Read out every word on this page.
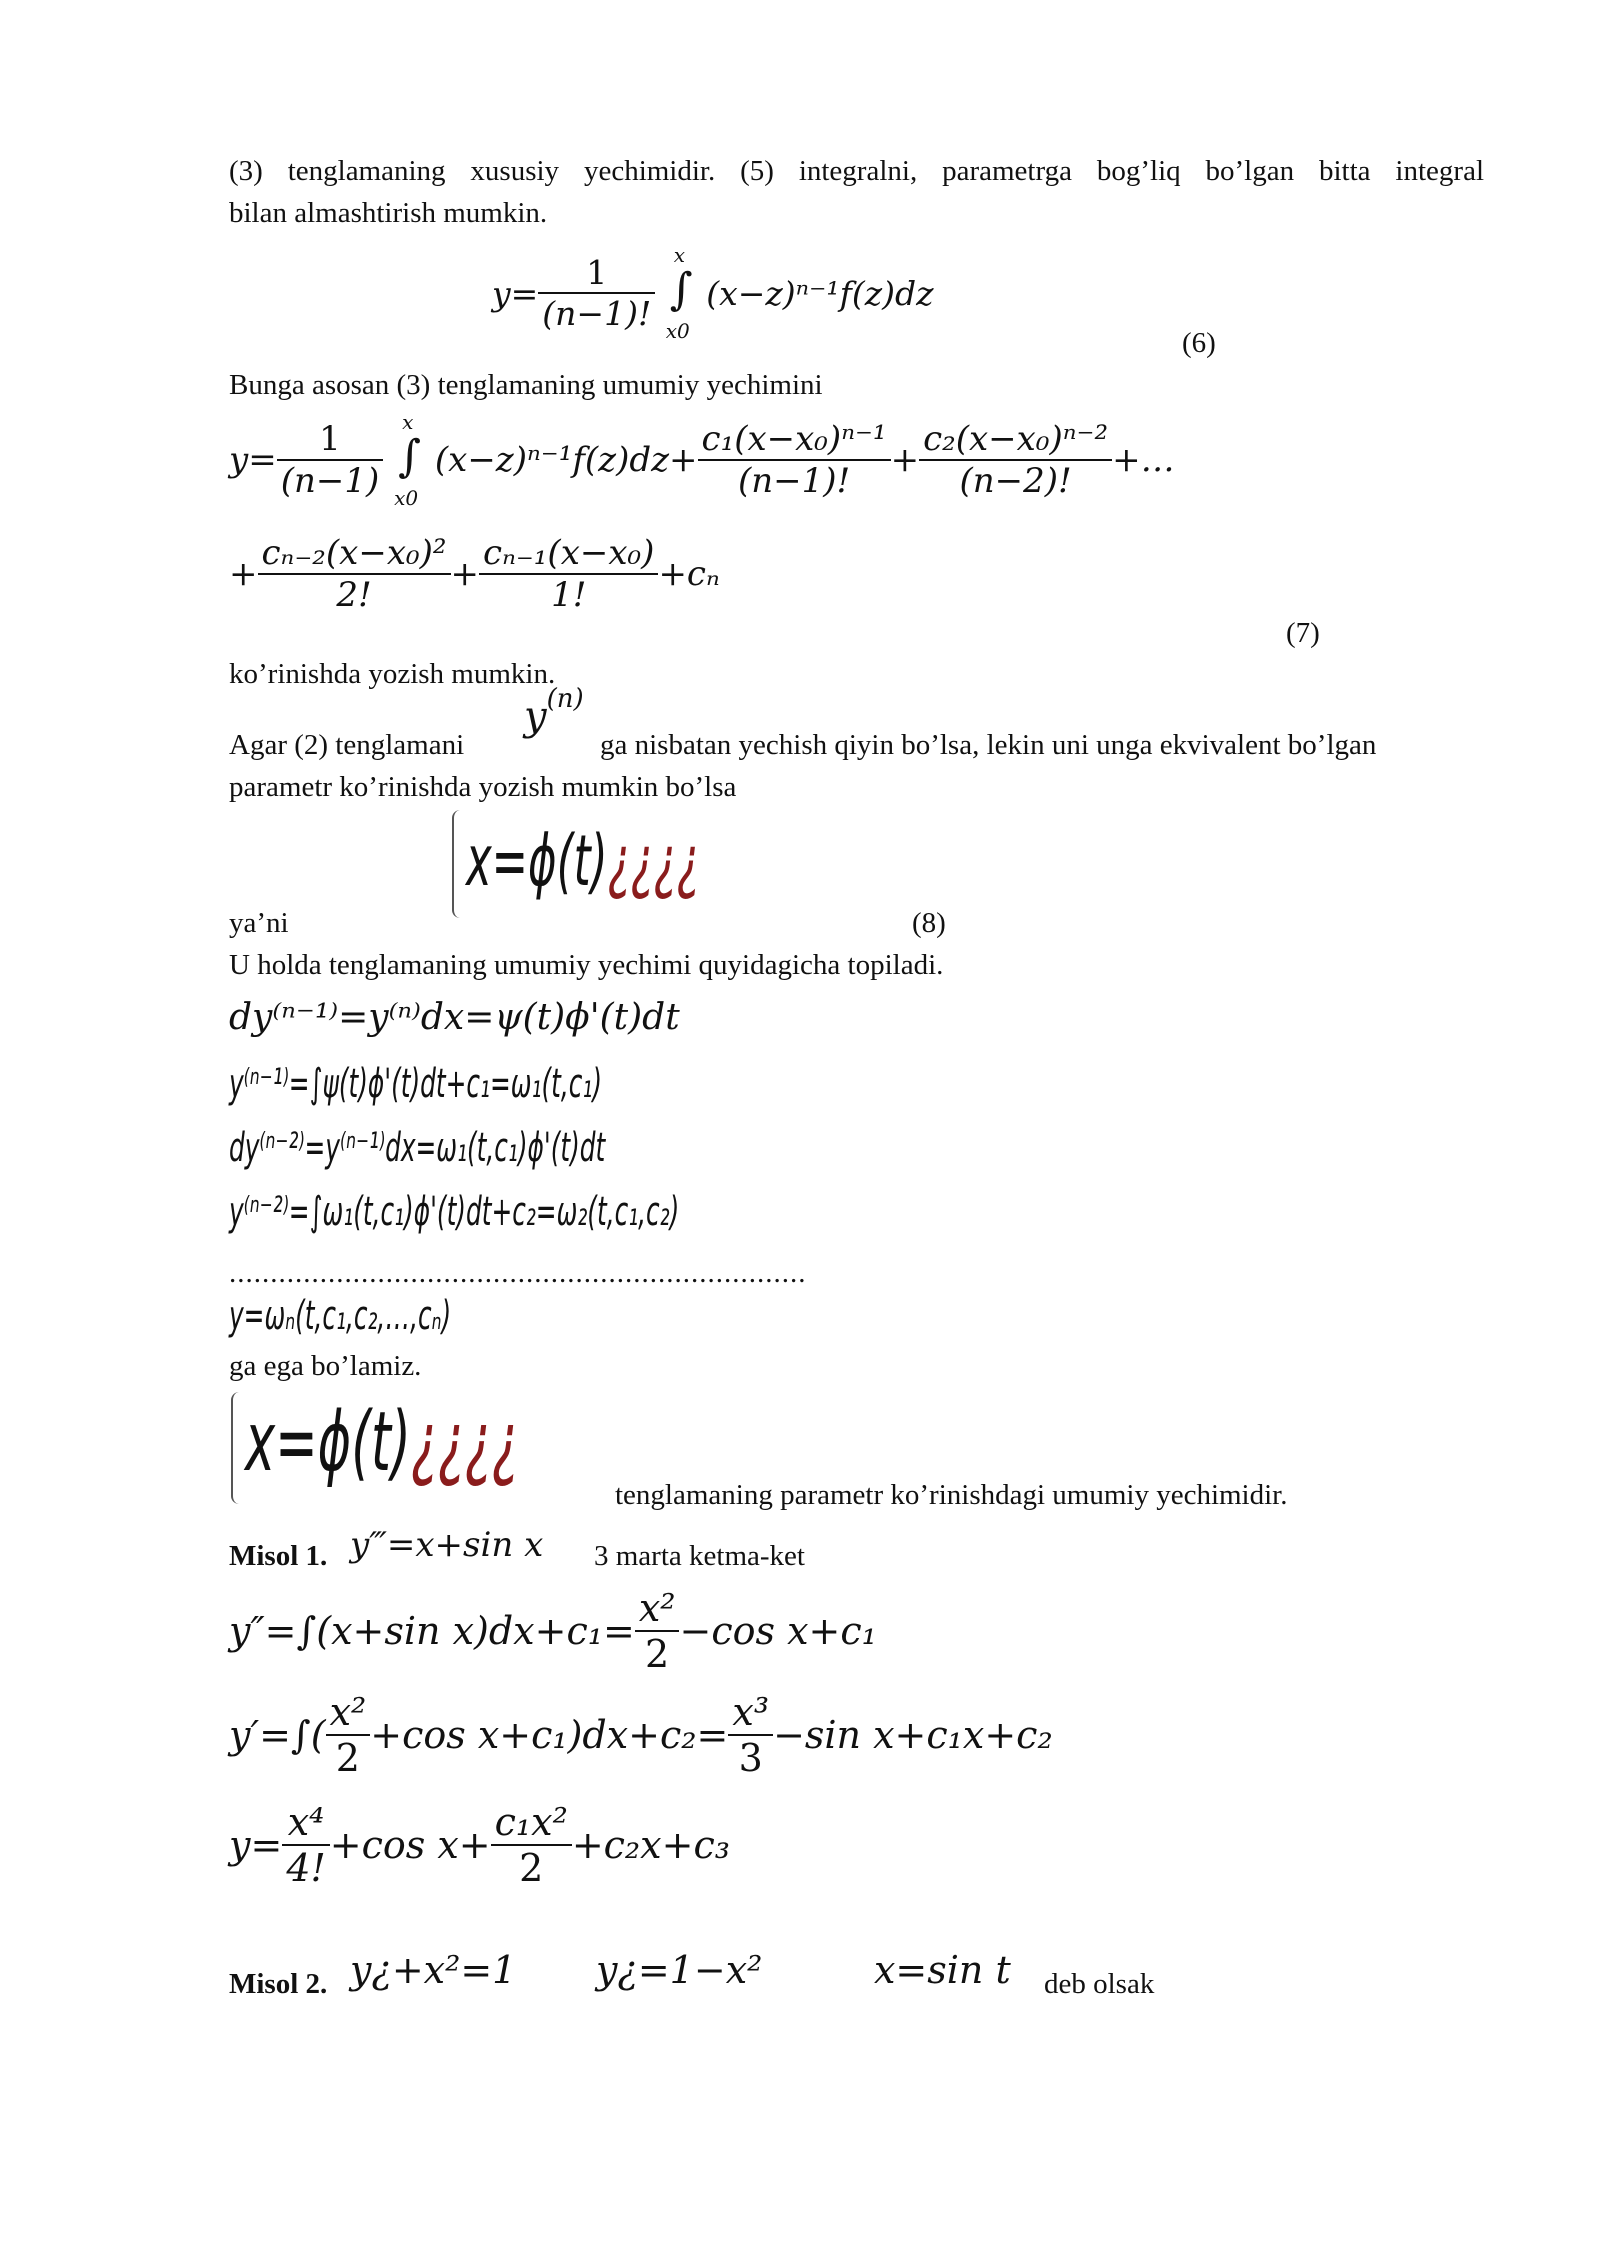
(3) tenglamaning xususiy yechimidir. (5) integralni, parametrga bog’liq bo’lgan bitta integral
bilan almashtirish mumkin.
$y= \frac{1}{(n-1)!}$
x
∫
x0
(x−z)ⁿ⁻¹f(z)dz
(6)
Bunga asosan (3) tenglamaning umumiy yechimini
$y= \frac{1}{(n-1)}$
x
∫
x0
$(x-z)^{n-1}f(z)dz+ \frac{\text{c₁(x−x₀)ⁿ⁻¹}}{(n-1)!} + \frac{\text{c₂(x−x₀)ⁿ⁻²}}{(n-2)!}$ +…
+ $\frac{\text{cₙ₋₂(x−x₀)²}}{2!} + \frac{\text{cₙ₋₁(x−x₀)}}{1!} +c_n$
(7)
ko’rinishda yozish mumkin.
Agar (2) tenglamani
$y^{(n)}$
ga nisbatan yechish qiyin bo’lsa, lekin uni unga ekvivalent bo’lgan
parametr ko’rinishda yozish mumkin bo’lsa
x=ϕ(t)¿¿¿¿
ya’ni	(8)
U holda tenglamaning umumiy yechimi quyidagicha topiladi.
dy⁽ⁿ⁻¹⁾=y⁽ⁿ⁾dx=ψ(t)ϕ'(t)dt
y⁽ⁿ⁻¹⁾=∫ψ(t)ϕ'(t)dt+c₁=ω₁(t,c₁)
dy⁽ⁿ⁻²⁾=y⁽ⁿ⁻¹⁾dx=ω₁(t,c₁)ϕ'(t)dt
y⁽ⁿ⁻²⁾=∫ω₁(t,c₁)ϕ'(t)dt+c₂=ω₂(t,c₁,c₂)
......................................................................
y=ωₙ(t,c₁,c₂,…,cₙ)
ga ega bo’lamiz.
x=ϕ(t)¿¿¿¿
tenglamaning parametr ko’rinishdagi umumiy yechimidir.
Misol 1. y‴=x+sin x 3 marta ketma-ket
y″=∫(x+sin $x)dx+c_1= \frac{\text{x²}}{2} -\cos$ x+c₁
$y'=\int( \frac{\text{x²}}{2} +\cos$ $x+c_1)dx+c_2= \frac{\text{x³}}{3} -\sin$ x+c₁x+c₂
$y= \frac{\text{x⁴}}{4!} +\cos$ $x+ \frac{\text{c₁x²}}{2} +c_2x+c_3$
Misol 2. y¿+x²=1 y¿=1−x²	x=sin t deb olsak
